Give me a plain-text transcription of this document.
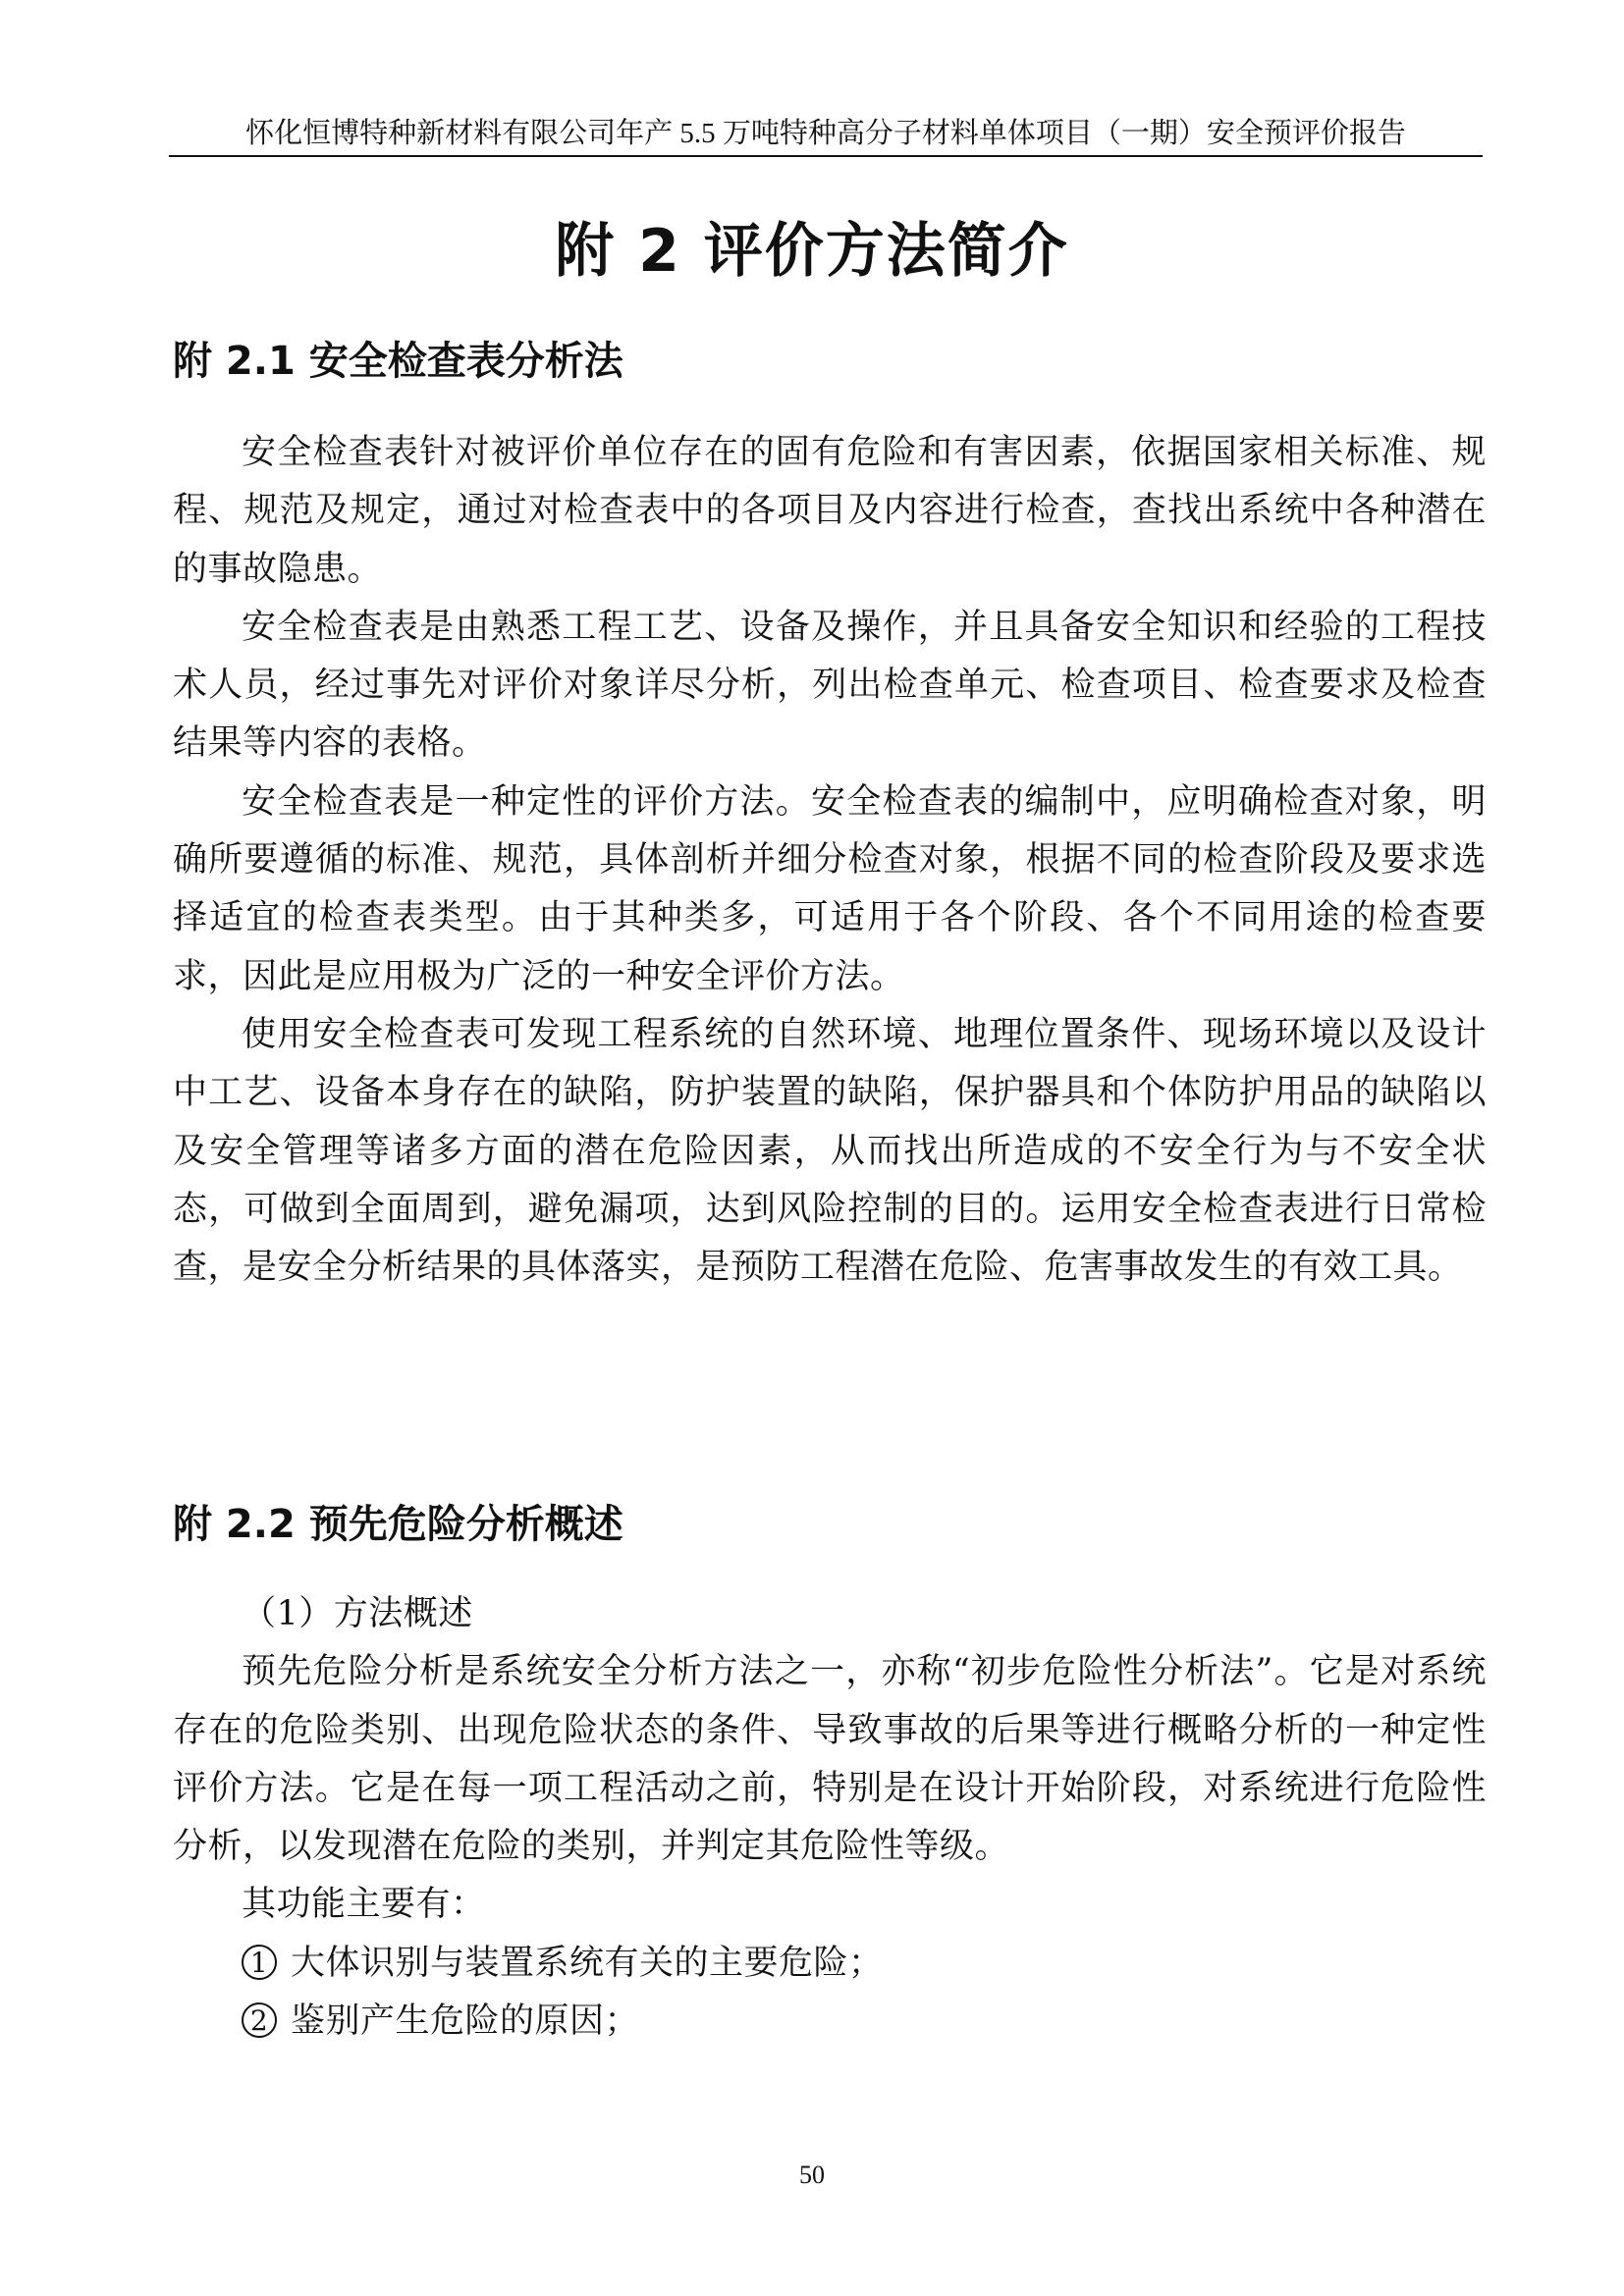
怀化恒博特种新材料有限公司年产 5.5 万吨特种高分子材料单体项目（一期）安全预评价报告
附 2 评价方法简介
附 2.1 安全检查表分析法

安全检查表针对被评价单位存在的固有危险和有害因素，依据国家相关标准、规程、规范及规定，通过对检查表中的各项目及内容进行检查，查找出系统中各种潜在的事故隐患。

安全检查表是由熟悉工程工艺、设备及操作，并且具备安全知识和经验的工程技术人员，经过事先对评价对象详尽分析，列出检查单元、检查项目、检查要求及检查结果等内容的表格。

安全检查表是一种定性的评价方法。安全检查表的编制中，应明确检查对象，明确所要遵循的标准、规范，具体剖析并细分检查对象，根据不同的检查阶段及要求选择适宜的检查表类型。由于其种类多，可适用于各个阶段、各个不同用途的检查要求，因此是应用极为广泛的一种安全评价方法。

使用安全检查表可发现工程系统的自然环境、地理位置条件、现场环境以及设计中工艺、设备本身存在的缺陷，防护装置的缺陷，保护器具和个体防护用品的缺陷以及安全管理等诸多方面的潜在危险因素，从而找出所造成的不安全行为与不安全状态，可做到全面周到，避免漏项，达到风险控制的目的。运用安全检查表进行日常检查，是安全分析结果的具体落实，是预防工程潜在危险、危害事故发生的有效工具。

附 2.2 预先危险分析概述

（1）方法概述

预先危险分析是系统安全分析方法之一，亦称“初步危险性分析法”。它是对系统存在的危险类别、出现危险状态的条件、导致事故的后果等进行概略分析的一种定性评价方法。它是在每一项工程活动之前，特别是在设计开始阶段，对系统进行危险性分析，以发现潜在危险的类别，并判定其危险性等级。

其功能主要有：

1 大体识别与装置系统有关的主要危险；

2 鉴别产生危险的原因；

50
